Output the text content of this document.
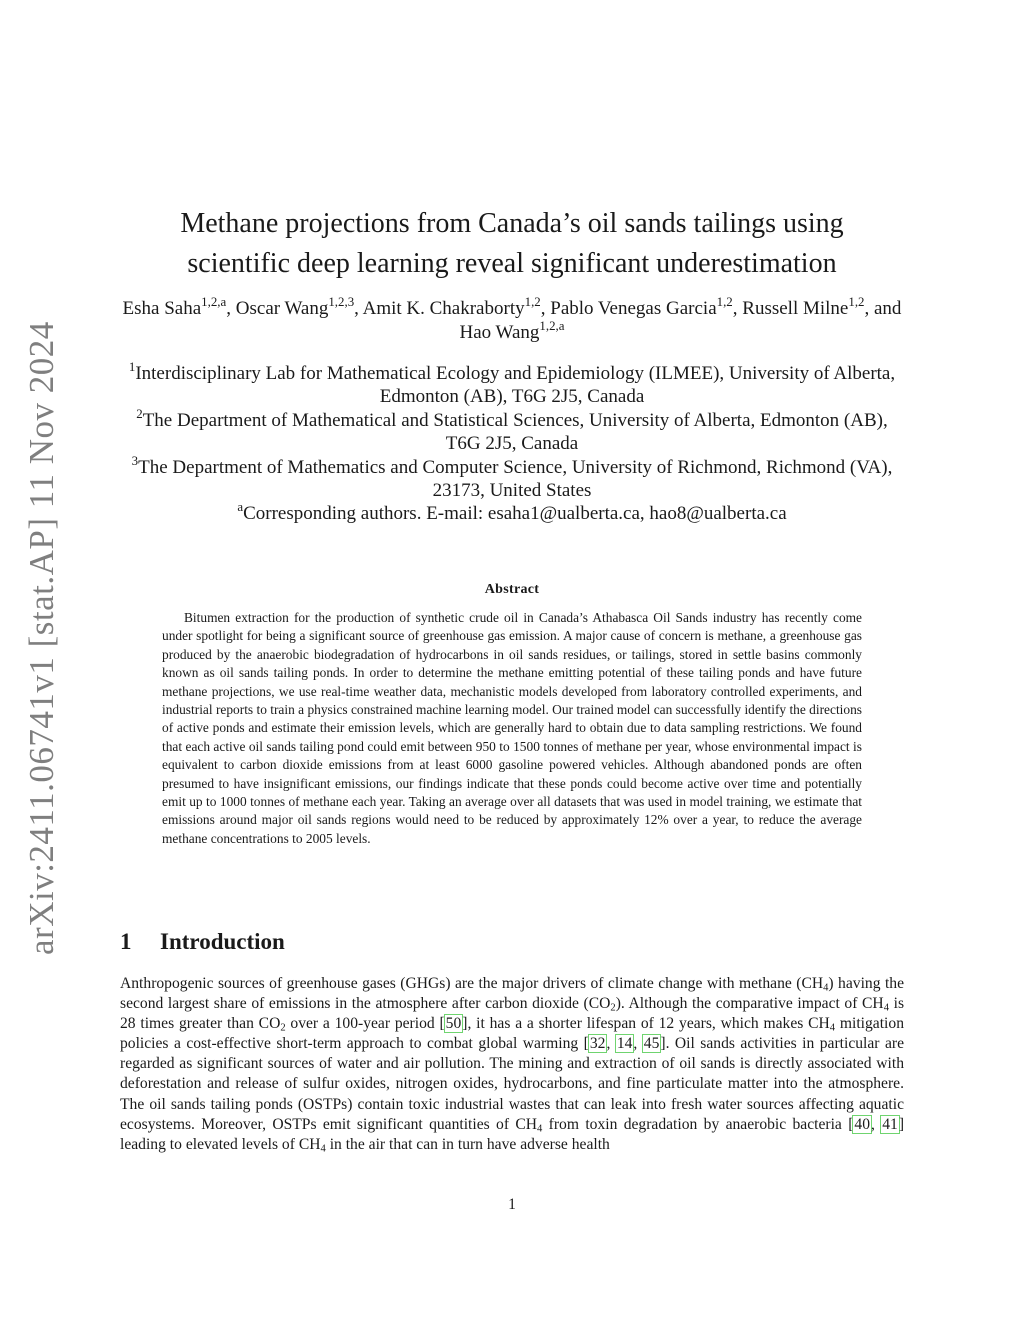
arXiv:2411.06741v1 [stat.AP] 11 Nov 2024
Methane projections from Canada’s oil sands tailings using
scientific deep learning reveal significant underestimation
Esha Saha$^{1,2,a}$, Oscar Wang$^{1,2,3}$, Amit K. Chakraborty$^{1,2}$, Pablo Venegas Garcia$^{1,2}$, Russell Milne$^{1,2}$, and Hao Wang$^{1,2,a}$

$^1$Interdisciplinary Lab for Mathematical Ecology and Epidemiology (ILMEE), University of Alberta, Edmonton (AB), T6G 2J5, Canada

$^2$The Department of Mathematical and Statistical Sciences, University of Alberta, Edmonton (AB), T6G 2J5, Canada

$^3$The Department of Mathematics and Computer Science, University of Richmond, Richmond (VA), 23173, United States

$^a$Corresponding authors. E-mail: esaha1@ualberta.ca, hao8@ualberta.ca

Abstract

Bitumen extraction for the production of synthetic crude oil in Canada’s Athabasca Oil Sands industry has recently come under spotlight for being a significant source of greenhouse gas emission. A major cause of concern is methane, a greenhouse gas produced by the anaerobic biodegradation of hydrocarbons in oil sands residues, or tailings, stored in settle basins commonly known as oil sands tailing ponds. In order to determine the methane emitting potential of these tailing ponds and have future methane projections, we use real-time weather data, mechanistic models developed from laboratory controlled experiments, and industrial reports to train a physics constrained machine learning model. Our trained model can successfully identify the directions of active ponds and estimate their emission levels, which are generally hard to obtain due to data sampling restrictions. We found that each active oil sands tailing pond could emit between 950 to 1500 tonnes of methane per year, whose environmental impact is equivalent to carbon dioxide emissions from at least 6000 gasoline powered vehicles. Although abandoned ponds are often presumed to have insignificant emissions, our findings indicate that these ponds could become active over time and potentially emit up to 1000 tonnes of methane each year. Taking an average over all datasets that was used in model training, we estimate that emissions around major oil sands regions would need to be reduced by approximately 12% over a year, to reduce the average methane concentrations to 2005 levels.

1 Introduction

Anthropogenic sources of greenhouse gases (GHGs) are the major drivers of climate change with methane $(CH_4)$ having the second largest share of emissions in the atmosphere after carbon dioxide $(CO_2)$. Although the comparative impact of $CH_4$ is 28 times greater than $CO_2$ over a 100-year period [50], it has a a shorter lifespan of 12 years, which makes $CH_4$ mitigation policies a cost-effective short-term approach to combat global warming [32, 14, 45]. Oil sands activities in particular are regarded as significant sources of water and air pollution. The mining and extraction of oil sands is directly associated with deforestation and release of sulfur oxides, nitrogen oxides, hydrocarbons, and fine particulate matter into the atmosphere. The oil sands tailing ponds (OSTPs) contain toxic industrial wastes that can leak into fresh water sources affecting aquatic ecosystems. Moreover, OSTPs emit significant quantities of $CH_4$ from toxin degradation by anaerobic bacteria [40, 41] leading to elevated levels of $CH_4$ in the air that can in turn have adverse health

1
